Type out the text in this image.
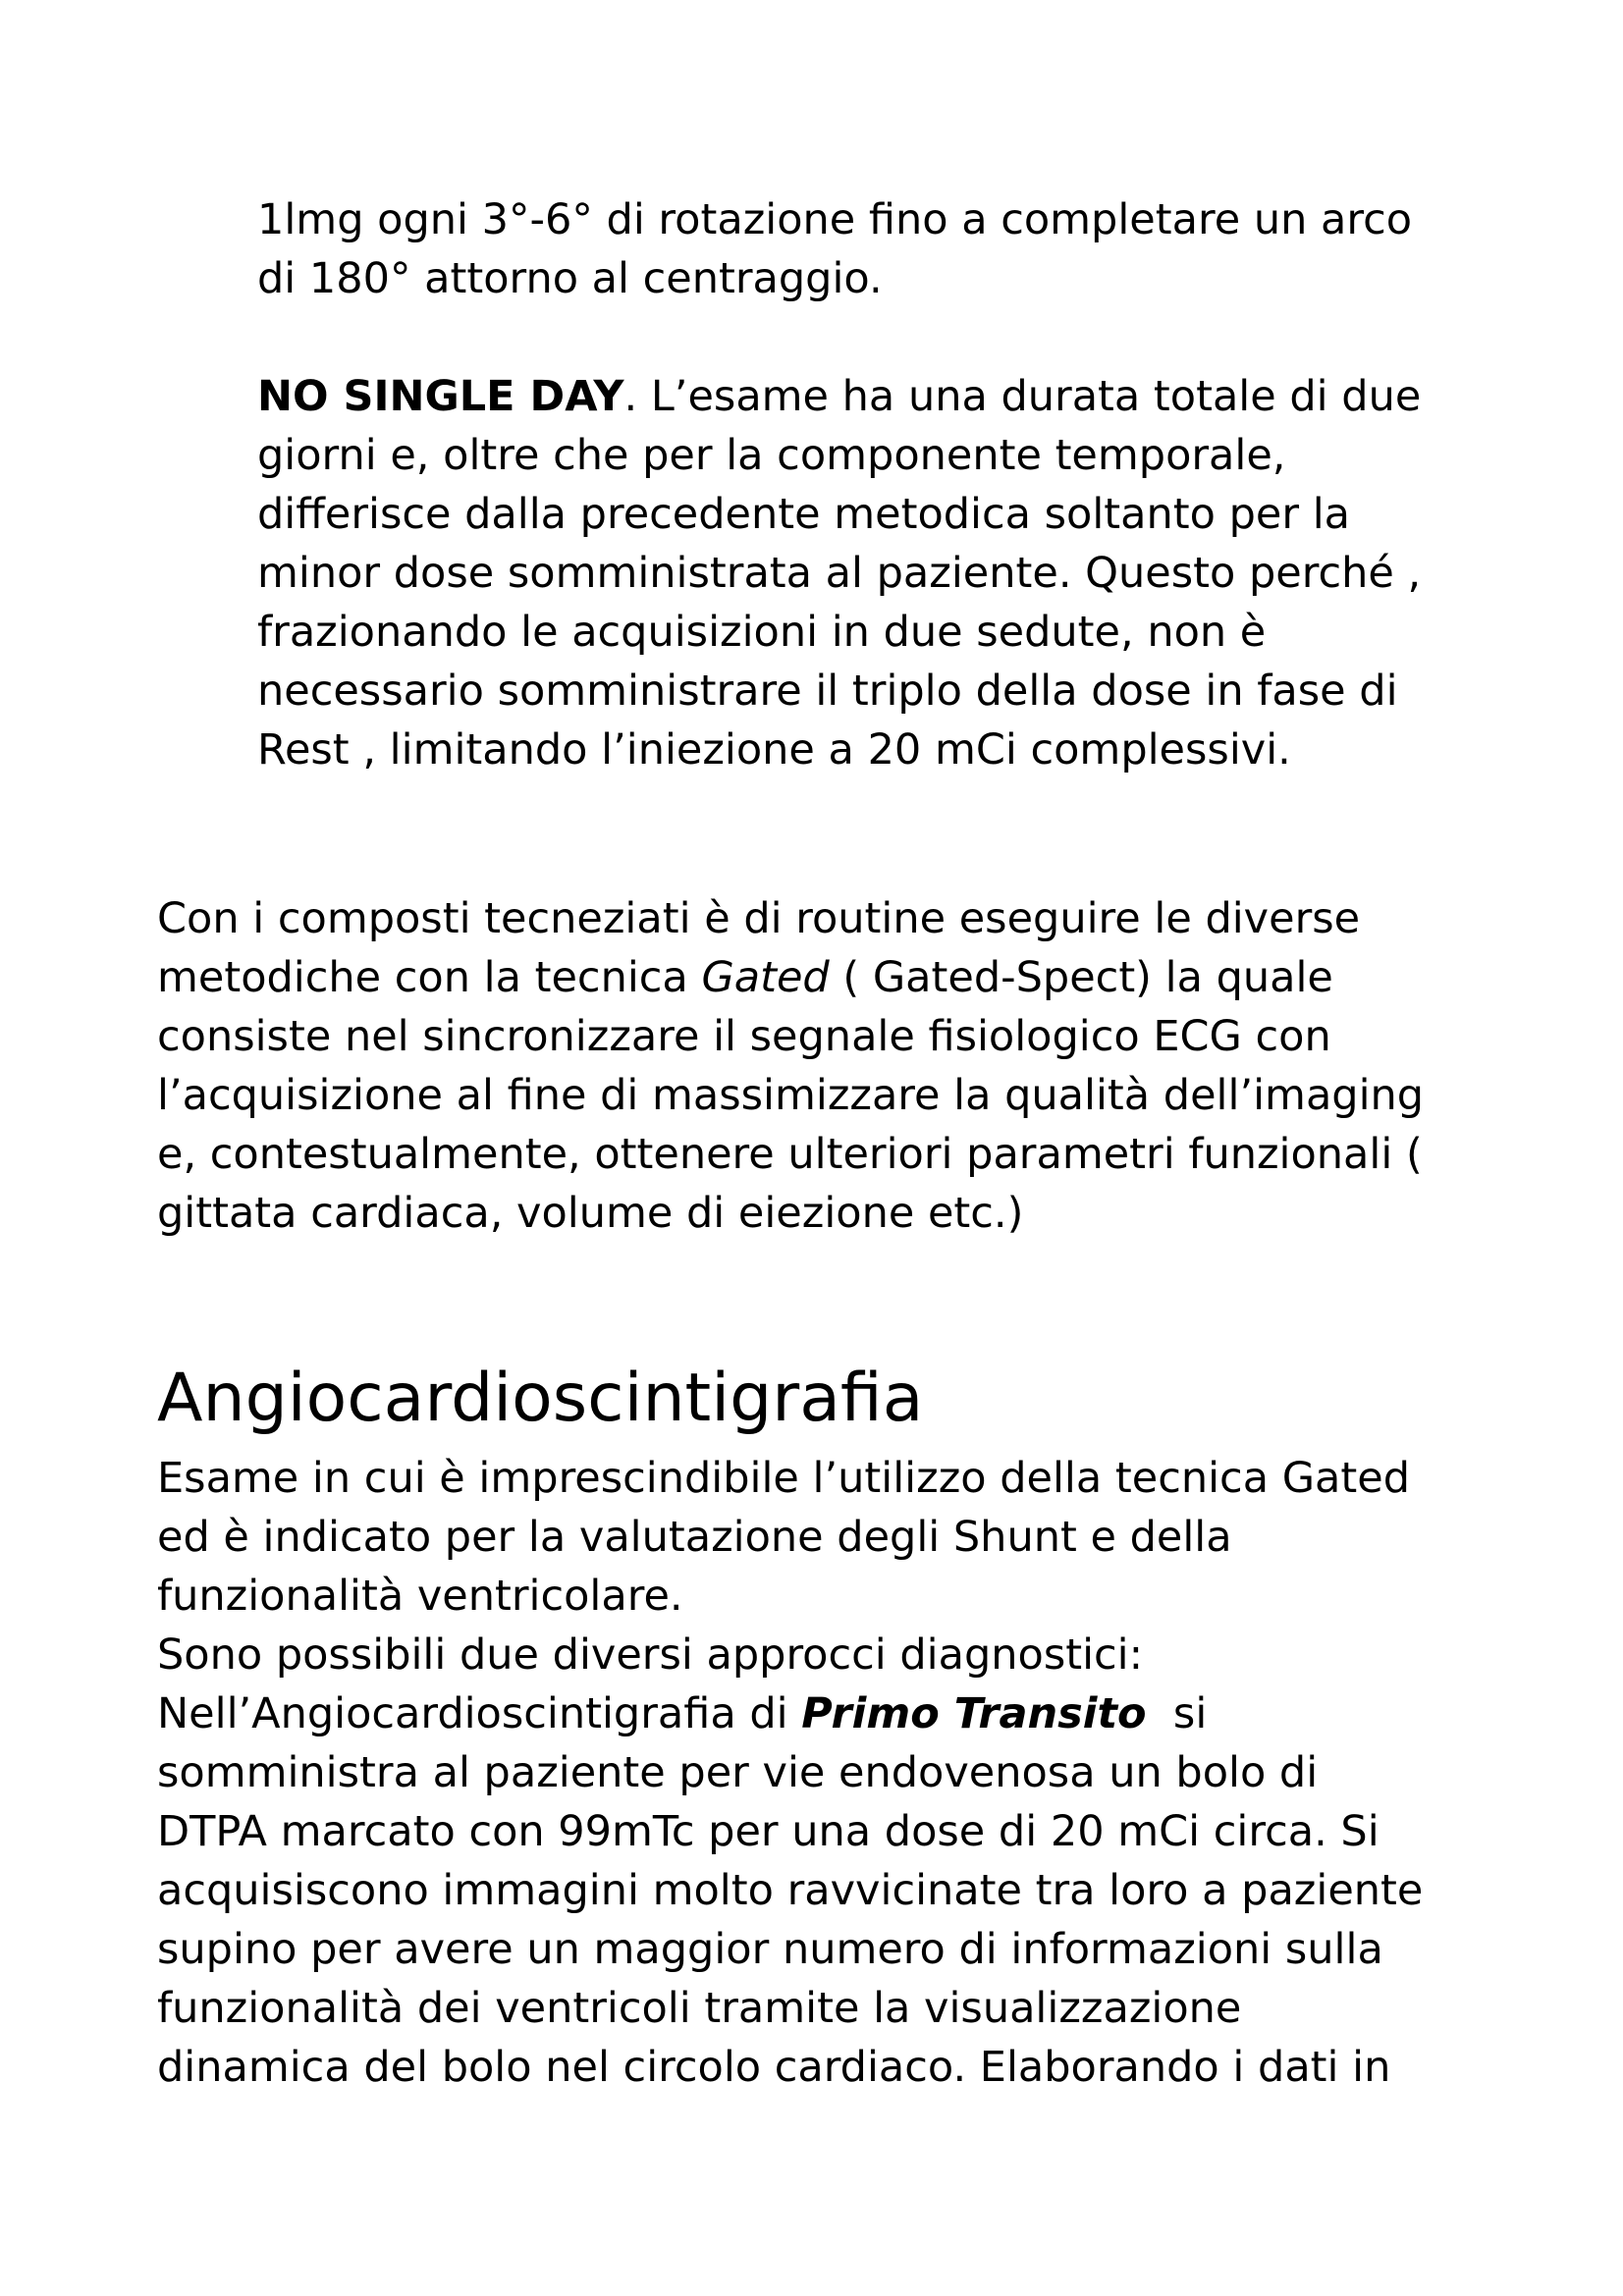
1lmg ogni 3°-6° di rotazione fino a completare un arco
di 180° attorno al centraggio.

NO SINGLE DAY. L’esame ha una durata totale di due
giorni e, oltre che per la componente temporale,
differisce dalla precedente metodica soltanto per la
minor dose somministrata al paziente. Questo perché ,
frazionando le acquisizioni in due sedute, non è
necessario somministrare il triplo della dose in fase di
Rest , limitando l’iniezione a 20 mCi complessivi.

Con i composti tecneziati è di routine eseguire le diverse
metodiche con la tecnica Gated ( Gated-Spect) la quale
consiste nel sincronizzare il segnale fisiologico ECG con
l’acquisizione al fine di massimizzare la qualità dell’imaging
e, contestualmente, ottenere ulteriori parametri funzionali (
gittata cardiaca, volume di eiezione etc.)

Angiocardioscintigrafia

Esame in cui è imprescindibile l’utilizzo della tecnica Gated
ed è indicato per la valutazione degli Shunt e della
funzionalità ventricolare.
Sono possibili due diversi approcci diagnostici:
Nell’Angiocardioscintigrafia di Primo Transito  si
somministra al paziente per vie endovenosa un bolo di
DTPA marcato con 99mTc per una dose di 20 mCi circa. Si
acquisiscono immagini molto ravvicinate tra loro a paziente
supino per avere un maggior numero di informazioni sulla
funzionalità dei ventricoli tramite la visualizzazione
dinamica del bolo nel circolo cardiaco. Elaborando i dati in
